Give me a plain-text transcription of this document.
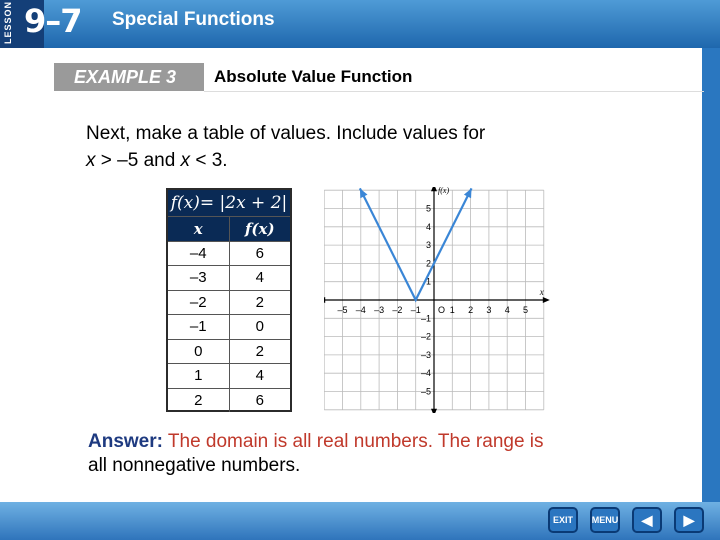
LESSON 9–7 Special Functions
EXAMPLE 3	Absolute Value Function
Next, make a table of values. Include values for
x > –5 and x < 3.
f(x)= |2x + 2|
x	f(x)
–4	6
–3	4
–2	2
–1	0
0	2
1	4
2	6
–5 –4 –3 –2 –1	1 2 3 4 5
5
4
3
2
1
–1
–2
–3
–4
–5
O
x
f(x)
Answer: The domain is all real numbers. The range is
all nonnegative numbers.
EXIT	MENU ◀ ▶
